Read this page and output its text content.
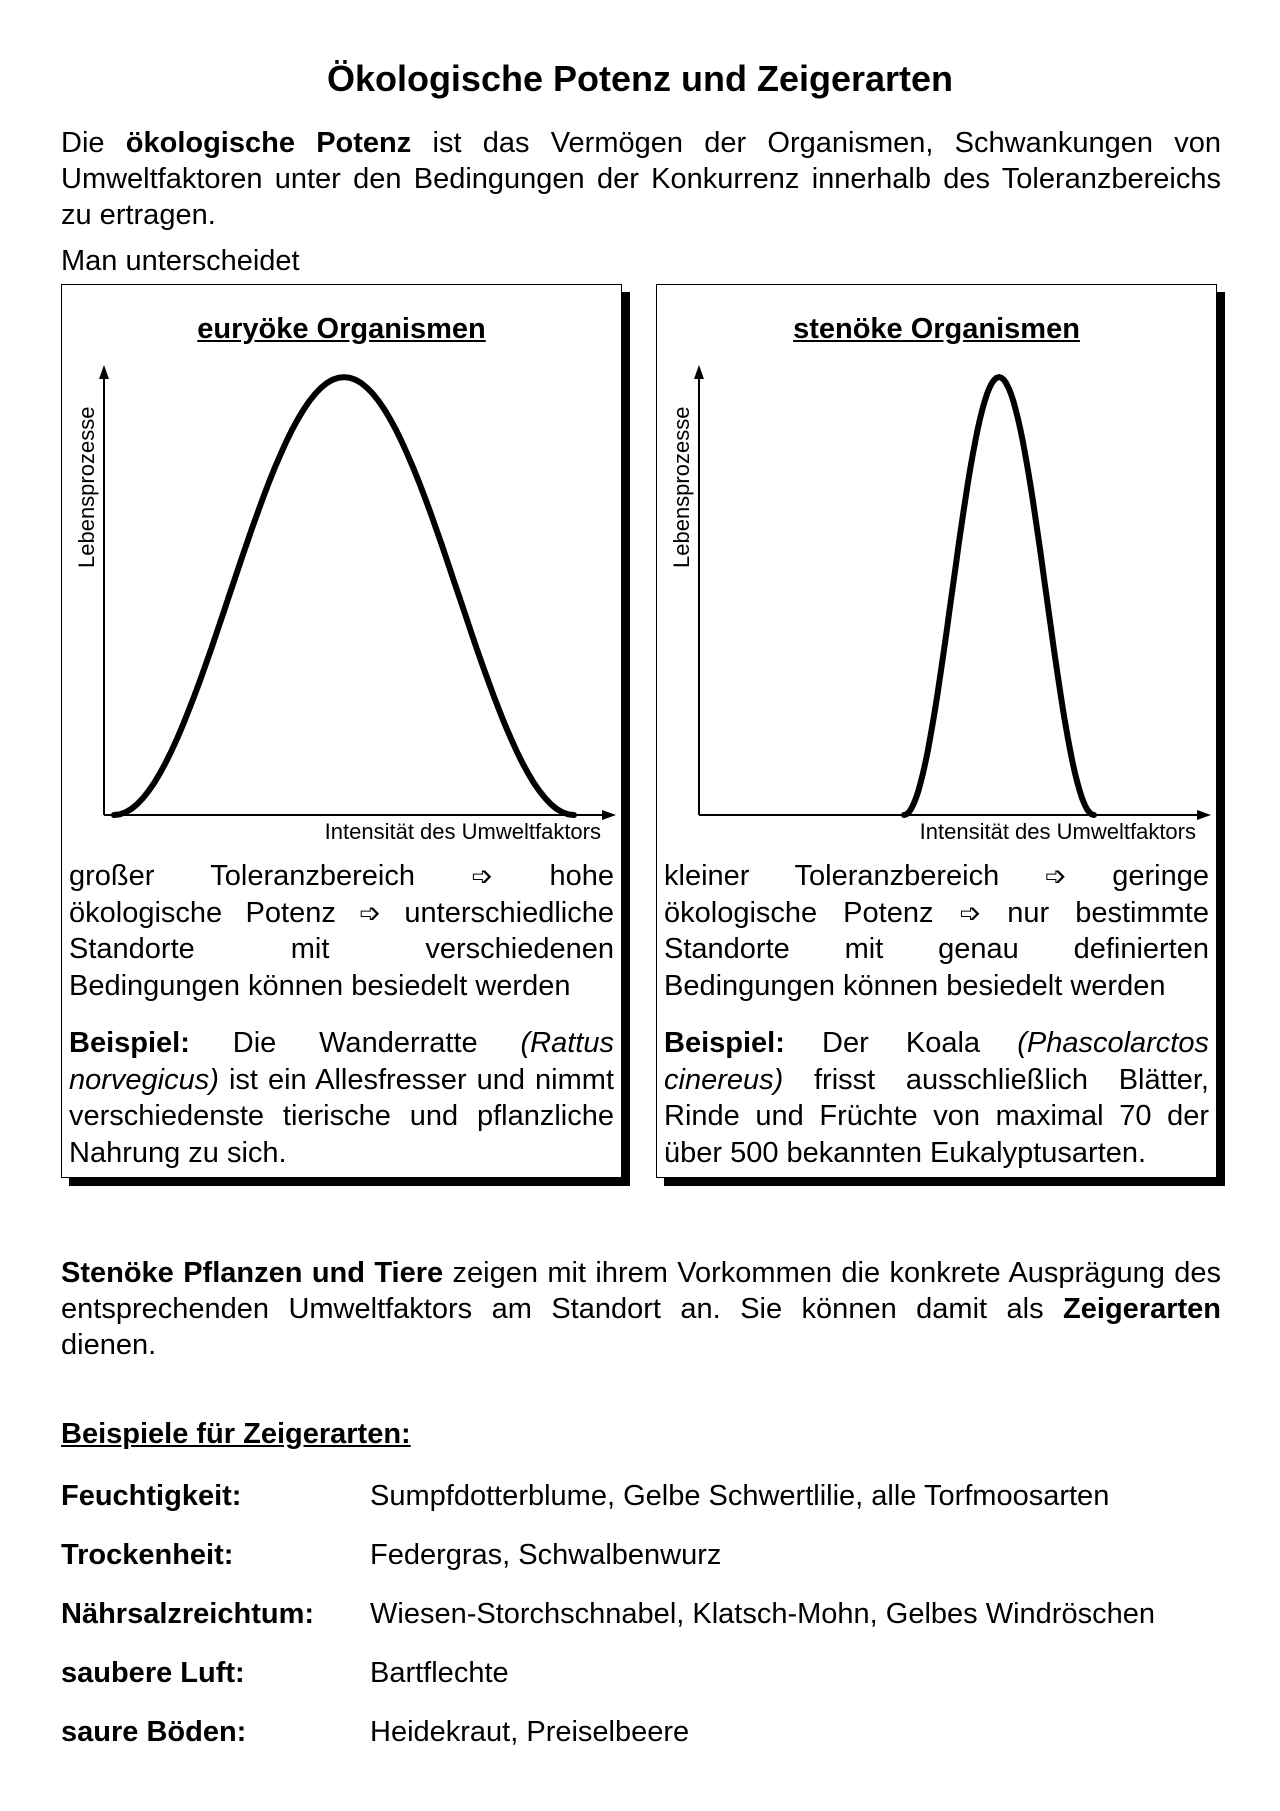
Ökologische Potenz und Zeigerarten
Die ökologische Potenz ist das Vermögen der Organismen, Schwankungen von Umweltfaktoren unter den Bedingungen der Konkurrenz innerhalb des Toleranzbereichs zu ertragen.
Man unterscheidet
euryöke Organismen
Lebensprozesse
Intensität des Umweltfaktors
großer Toleranzbereich ➩ hohe ökologische Potenz ➩ unterschiedliche Standorte mit verschiedenen Bedingungen können besiedelt werden
Beispiel: Die Wanderratte (Rattus norvegicus) ist ein Allesfresser und nimmt verschiedenste tierische und pflanzliche Nahrung zu sich.
stenöke Organismen
Lebensprozesse
Intensität des Umweltfaktors
kleiner Toleranzbereich ➩ geringe ökologische Potenz ➩ nur bestimmte Standorte mit genau definierten Bedingungen können besiedelt werden
Beispiel: Der Koala (Phascolarctos cinereus) frisst ausschließlich Blätter, Rinde und Früchte von maximal 70 der über 500 bekannten Eukalyptusarten.
Stenöke Pflanzen und Tiere zeigen mit ihrem Vorkommen die konkrete Ausprägung des entsprechenden Umweltfaktors am Standort an. Sie können damit als Zeigerarten dienen.
Beispiele für Zeigerarten:
Feuchtigkeit:	Sumpfdotterblume, Gelbe Schwertlilie, alle Torfmoosarten
Trockenheit:	Federgras, Schwalbenwurz
Nährsalzreichtum: Wiesen-Storchschnabel, Klatsch-Mohn, Gelbes Windröschen
saubere Luft:	Bartflechte
saure Böden:	Heidekraut, Preiselbeere
